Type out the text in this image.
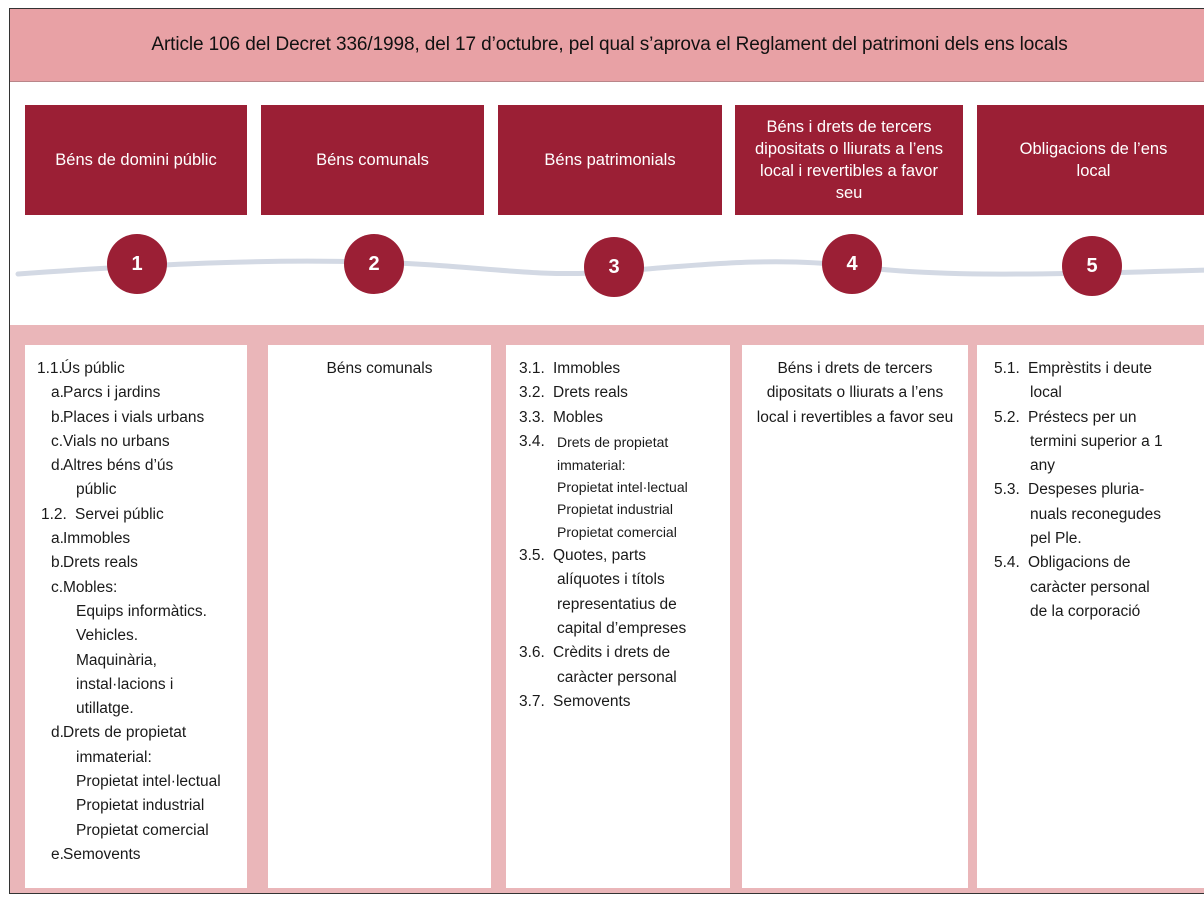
Article 106 del Decret 336/1998, del 17 d’octubre, pel qual s’aprova el Reglament del patrimoni dels ens locals
Béns de domini públic	Béns comunals	Béns patrimonials
Béns i drets de tercers dipositats o lliurats a l’ens local i revertibles a favor seu
Obligacions de l’ens local
1	2	3	4	5
1.1.
Ús públic
a. Parcs i jardins
b. Places i vials urbans
c. Vials no urbans
d. Altres béns d’ús
públic
1.2. Servei públic
a. Immobles
b. Drets reals
c. Mobles:
Equips informàtics.
Vehicles.
Maquinària,
instal·lacions i
utillatge.
d. Drets de propietat
immaterial:
Propietat intel·lectual
Propietat industrial
Propietat comercial
e. Semovents
Béns comunals	3.1. Immobles
3.2. Drets reals
3.3. Mobles
3.4. Drets de propietat
immaterial:
Propietat intel·lectual
Propietat industrial
Propietat comercial
3.5. Quotes, parts
alíquotes i títols
representatius de
capital d’empreses
3.6. Crèdits i drets de
caràcter personal
3.7. Semovents
Béns i drets de tercers dipositats o lliurats a l’ens local i revertibles a favor seu
5.1. Emprèstits i deute
local
5.2. Préstecs per un
termini superior a 1
any
5.3. Despeses pluria-
nuals reconegudes
pel Ple.
5.4. Obligacions de
caràcter personal
de la corporació
